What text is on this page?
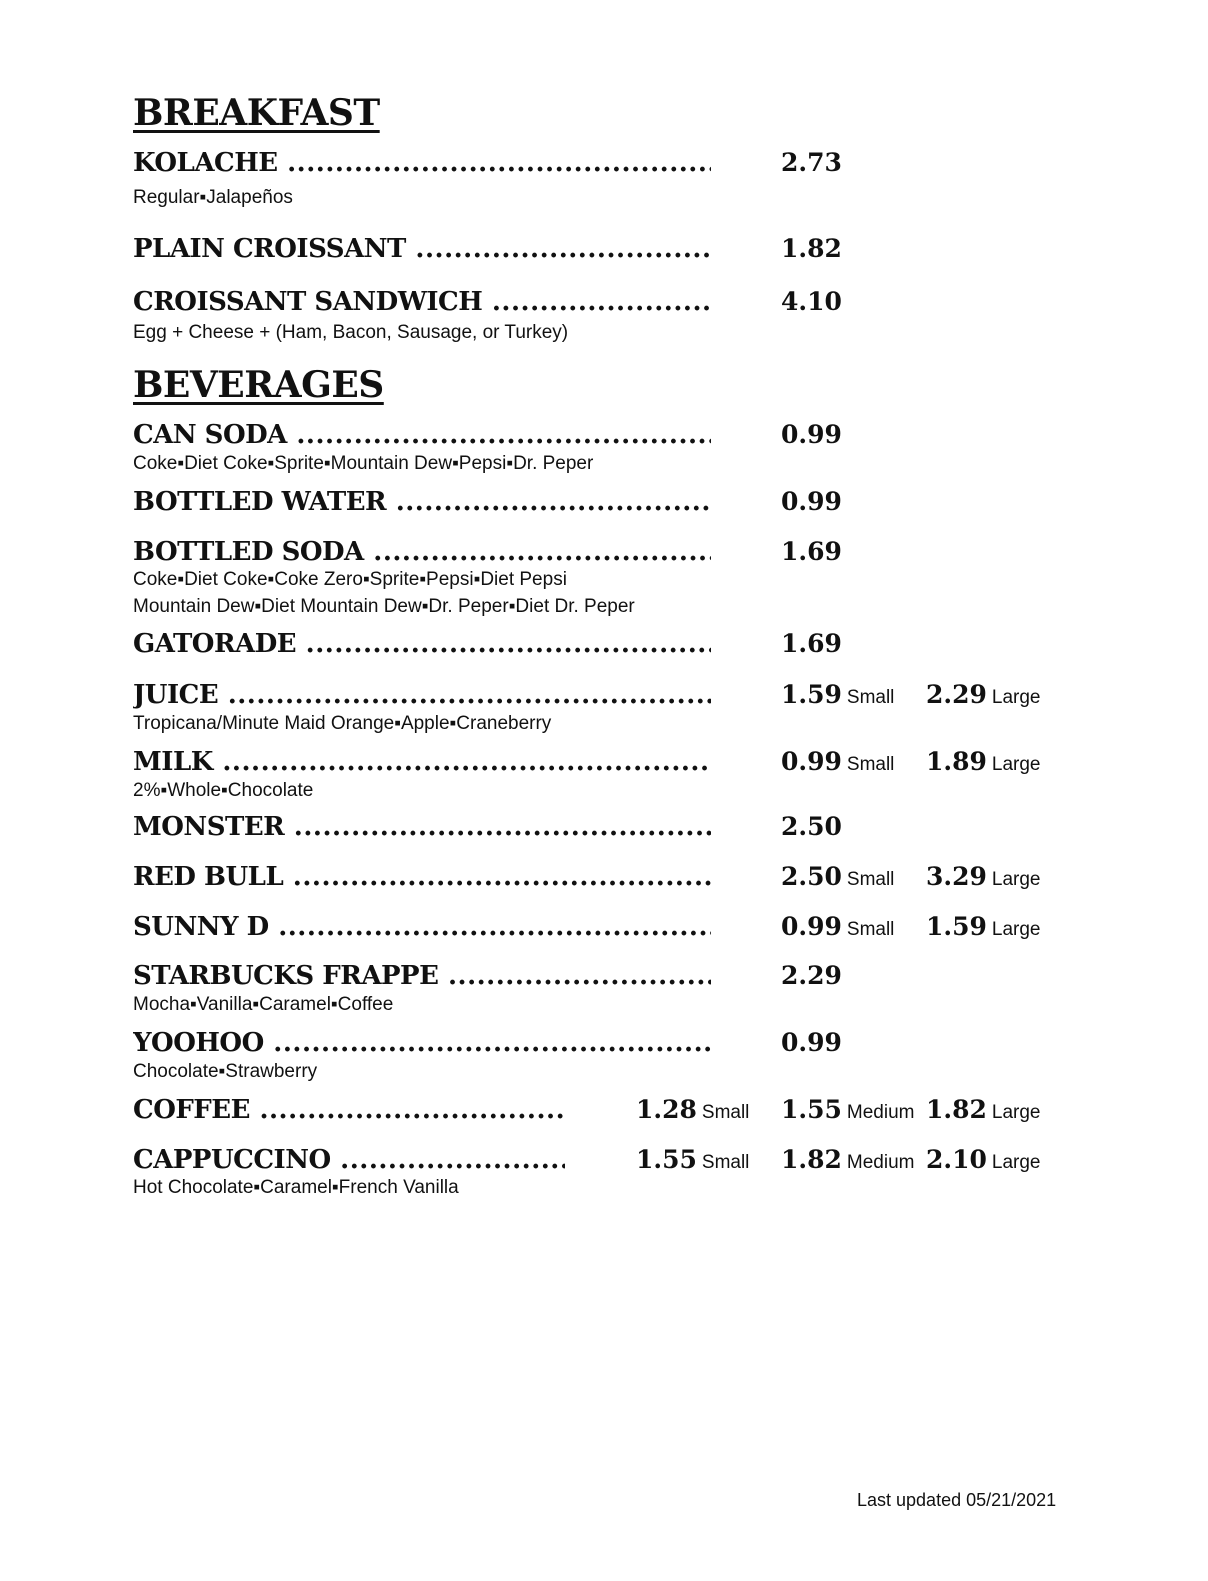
BREAKFAST
KOLACHE .....	2.73
Regular▪Jalapeños
PLAIN CROISSANT .....	1.82
CROISSANT SANDWICH .....	4.10
Egg + Cheese + (Ham, Bacon, Sausage, or Turkey)
BEVERAGES
CAN SODA .....	0.99
Coke▪Diet Coke▪Sprite▪Mountain Dew▪Pepsi▪Dr. Peper
BOTTLED WATER .....	0.99
BOTTLED SODA .....	1.69
Coke▪Diet Coke▪Coke Zero▪Sprite▪Pepsi▪Diet Pepsi
Mountain Dew▪Diet Mountain Dew▪Dr. Peper▪Diet Dr. Peper
GATORADE .....	1.69
JUICE .....	1.59 Small 2.29 Large
Tropicana/Minute Maid Orange▪Apple▪Craneberry
MILK .....	0.99 Small 1.89 Large
2%▪Whole▪Chocolate
MONSTER .....	2.50
RED BULL .....	2.50 Small 3.29 Large
SUNNY D .....	0.99 Small 1.59 Large
STARBUCKS FRAPPE .....	2.29
Mocha▪Vanilla▪Caramel▪Coffee
YOOHOO .....	0.99
Chocolate▪Strawberry
COFFEE .....	1.28 Small 1.55 Medium 1.82 Large
CAPPUCCINO .....	1.55 Small 1.82 Medium 2.10 Large
Hot Chocolate▪Caramel▪French Vanilla
Last updated 05/21/2021
